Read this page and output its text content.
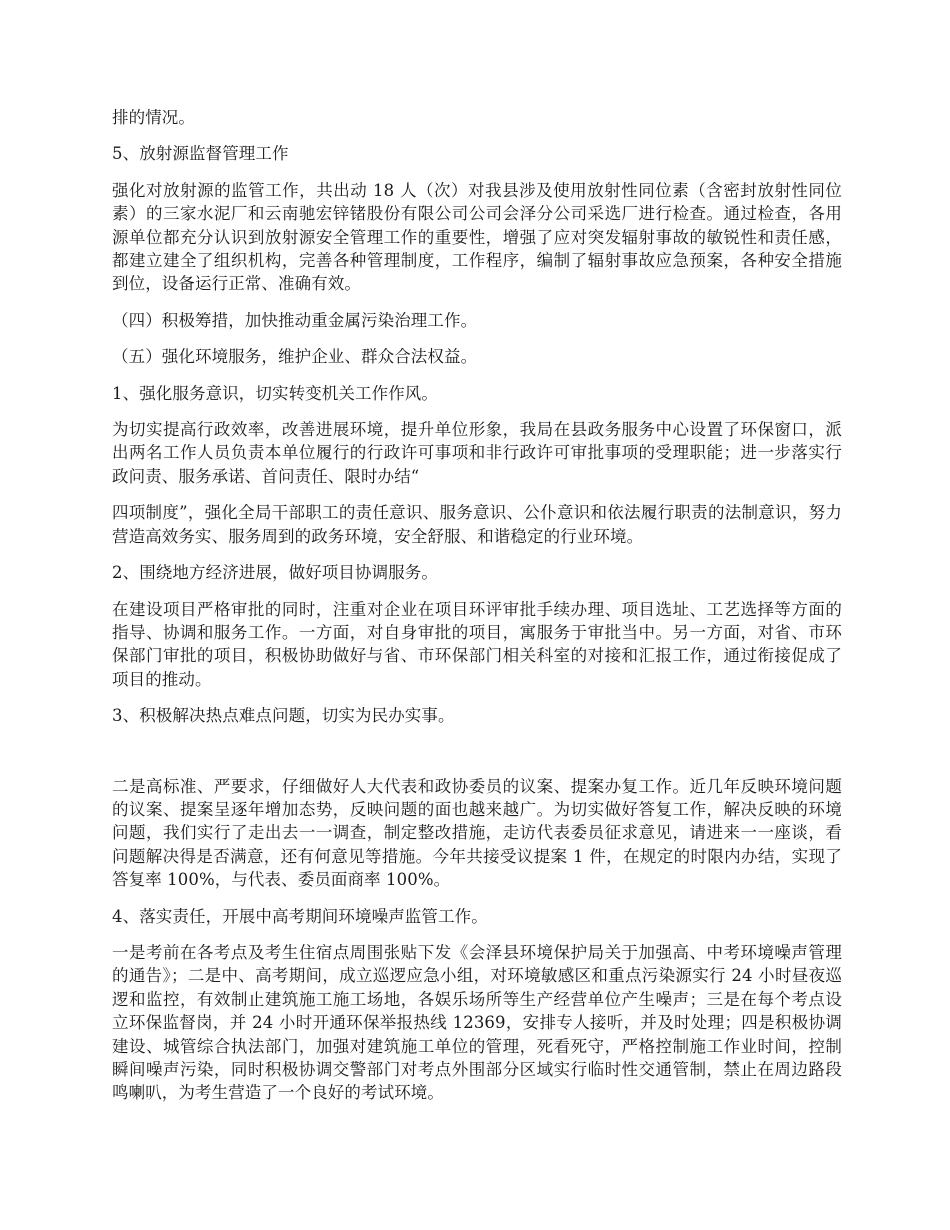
排的情况。

5、放射源监督管理工作

强化对放射源的监管工作，共出动 18 人（次）对我县涉及使用放射性同位素（含密封放射性同位素）的三家水泥厂和云南驰宏锌锗股份有限公司公司会泽分公司采选厂进行检查。通过检查，各用源单位都充分认识到放射源安全管理工作的重要性，增强了应对突发辐射事故的敏锐性和责任感，都建立建全了组织机构，完善各种管理制度，工作程序，编制了辐射事故应急预案，各种安全措施到位，设备运行正常、准确有效。

（四）积极筹措，加快推动重金属污染治理工作。

（五）强化环境服务，维护企业、群众合法权益。

1、强化服务意识，切实转变机关工作作风。

为切实提高行政效率，改善进展环境，提升单位形象，我局在县政务服务中心设置了环保窗口，派出两名工作人员负责本单位履行的行政许可事项和非行政许可审批事项的受理职能；进一步落实行政问责、服务承诺、首问责任、限时办结“

四项制度”，强化全局干部职工的责任意识、服务意识、公仆意识和依法履行职责的法制意识，努力营造高效务实、服务周到的政务环境，安全舒服、和谐稳定的行业环境。

2、围绕地方经济进展，做好项目协调服务。

在建设项目严格审批的同时，注重对企业在项目环评审批手续办理、项目选址、工艺选择等方面的指导、协调和服务工作。一方面，对自身审批的项目，寓服务于审批当中。另一方面，对省、市环保部门审批的项目，积极协助做好与省、市环保部门相关科室的对接和汇报工作，通过衔接促成了项目的推动。

3、积极解决热点难点问题，切实为民办实事。

二是高标准、严要求，仔细做好人大代表和政协委员的议案、提案办复工作。近几年反映环境问题的议案、提案呈逐年增加态势，反映问题的面也越来越广。为切实做好答复工作，解决反映的环境问题，我们实行了走出去一一调查，制定整改措施，走访代表委员征求意见，请进来一一座谈，看问题解决得是否满意，还有何意见等措施。今年共接受议提案 1 件，在规定的时限内办结，实现了答复率 100%，与代表、委员面商率 100%。

4、落实责任，开展中高考期间环境噪声监管工作。

一是考前在各考点及考生住宿点周围张贴下发《会泽县环境保护局关于加强高、中考环境噪声管理的通告》；二是中、高考期间，成立巡逻应急小组，对环境敏感区和重点污染源实行 24 小时昼夜巡逻和监控，有效制止建筑施工施工场地，各娱乐场所等生产经营单位产生噪声；三是在每个考点设立环保监督岗，并 24 小时开通环保举报热线 12369，安排专人接听，并及时处理；四是积极协调建设、城管综合执法部门，加强对建筑施工单位的管理，死看死守，严格控制施工作业时间，控制瞬间噪声污染，同时积极协调交警部门对考点外围部分区域实行临时性交通管制，禁止在周边路段鸣喇叭，为考生营造了一个良好的考试环境。
